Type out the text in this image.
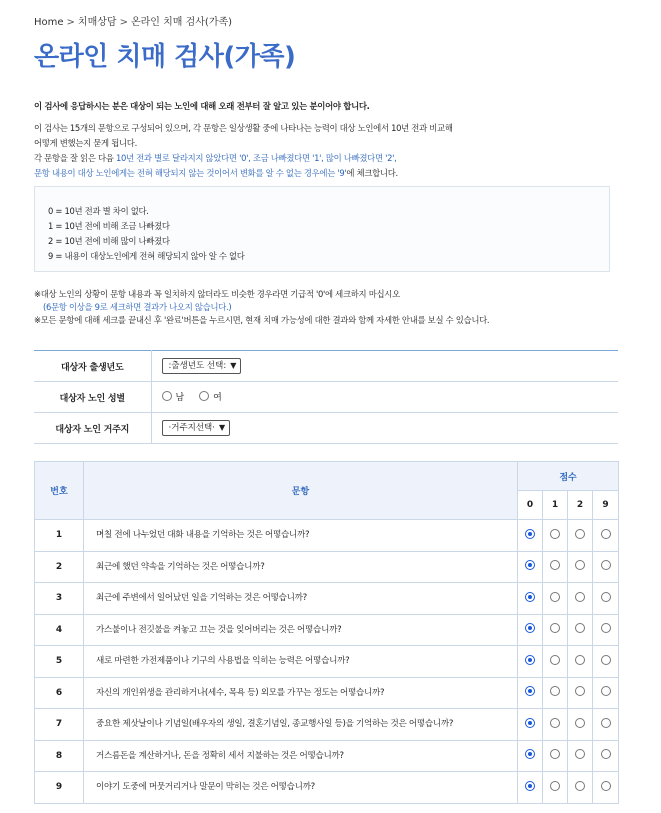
Home > 치매상담 > 온라인 치매 검사(가족)
온라인 치매 검사(가족)
이 검사에 응답하시는 분은 대상이 되는 노인에 대해 오래 전부터 잘 알고 있는 분이어야 합니다.
이 검사는 15개의 문항으로 구성되어 있으며, 각 문항은 일상생활 중에 나타나는 능력이 대상 노인에서 10년 전과 비교해
어떻게 변했는지 묻게 됩니다.
각 문항을 잘 읽은 다음 10년 전과 별로 달라지지 않았다면 '0', 조금 나빠졌다면 '1', 많이 나빠졌다면 '2',
문항 내용이 대상 노인에게는 전혀 해당되지 않는 것이어서 변화를 알 수 없는 경우에는 '9'에 체크합니다.
0 = 10년 전과 별 차이 없다.
1 = 10년 전에 비해 조금 나빠졌다
2 = 10년 전에 비해 많이 나빠졌다
9 = 내용이 대상노인에게 전혀 해당되지 않아 알 수 없다
※대상 노인의 상황이 문항 내용과 꼭 일치하지 않더라도 비슷한 경우라면 기급적 '0'에 세크하지 마십시오
(6문항 이상을 9로 세크하면 결과가 나오지 않습니다.)
※모든 문항에 대해 세크를 끝내신 후 '완료'버튼을 누르시면, 현재 치매 가능성에 대한 결과와 함께 자세한 안내를 보실 수 있습니다.
대상자 출생년도	:출생년도 선택: ▼
대상자 노인 성별	남
여

대상자 노인 거주지	·거주지선택· ▼
번호	문항	점수			
		0	1	2	9
1	며칠 전에 나누었던 대화 내용을 기억하는 것은 어떻습니까?				
2	최근에 했던 약속을 기억하는 것은 어떻습니까?				
3	최근에 주변에서 일어났던 일을 기억하는 것은 어떻습니까?				
4	가스불이나 전깃불을 켜놓고 끄는 것을 잊어버리는 것은 어떻습니까?				
5	새로 마련한 가전제품이나 기구의 사용법을 익히는 능력은 어떻습니까?				
6	자신의 개인위생을 관리하거나(세수, 목욕 등) 외모를 가꾸는 정도는 어떻습니까?				
7	중요한 제삿날이나 기념일(배우자의 생일, 결혼기념일, 종교행사일 등)을 기억하는 것은 어떻습니까?				
8	거스름돈을 계산하거나, 돈을 정확히 세서 지불하는 것은 어떻습니까?				
9	이야기 도중에 머뭇거리거나 말문이 막히는 것은 어떻습니까?				
